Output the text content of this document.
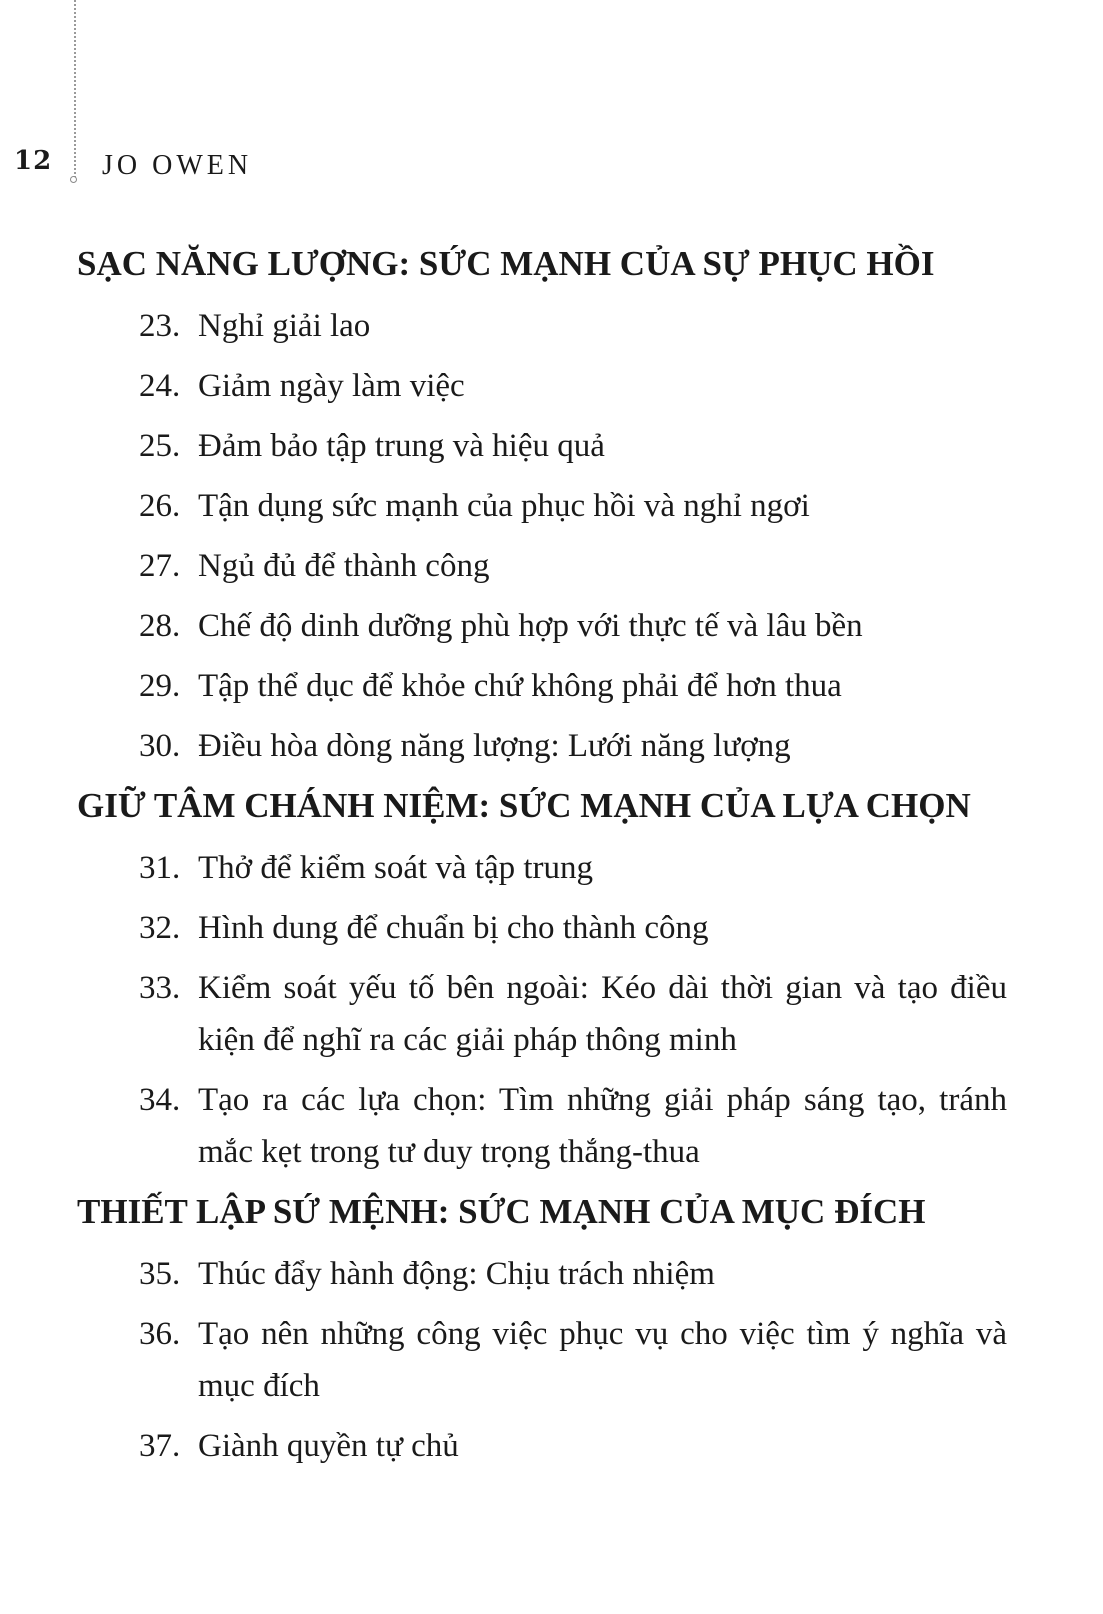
12 JO OWEN
SẠC NĂNG LƯỢNG: SỨC MẠNH CỦA SỰ PHỤC HỒI
23. Nghỉ giải lao
24. Giảm ngày làm việc
25. Đảm bảo tập trung và hiệu quả
26. Tận dụng sức mạnh của phục hồi và nghỉ ngơi
27. Ngủ đủ để thành công
28. Chế độ dinh dưỡng phù hợp với thực tế và lâu bền
29. Tập thể dục để khỏe chứ không phải để hơn thua
30. Điều hòa dòng năng lượng: Lưới năng lượng
GIỮ TÂM CHÁNH NIỆM: SỨC MẠNH CỦA LỰA CHỌN
31. Thở để kiểm soát và tập trung
32. Hình dung để chuẩn bị cho thành công
33. Kiểm soát yếu tố bên ngoài: Kéo dài thời gian và tạo điều kiện để nghĩ ra các giải pháp thông minh
34. Tạo ra các lựa chọn: Tìm những giải pháp sáng tạo, tránh mắc kẹt trong tư duy trọng thắng-thua
THIẾT LẬP SỨ MỆNH: SỨC MẠNH CỦA MỤC ĐÍCH
35. Thúc đẩy hành động: Chịu trách nhiệm
36. Tạo nên những công việc phục vụ cho việc tìm ý nghĩa và mục đích
37. Giành quyền tự chủ
